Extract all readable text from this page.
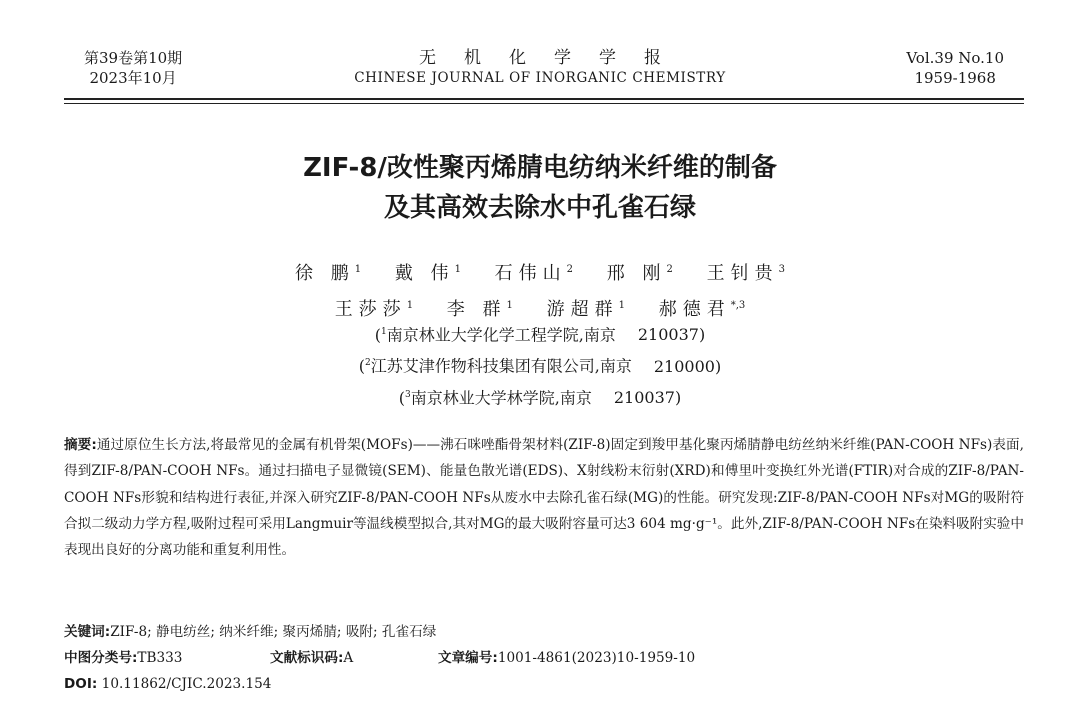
第39卷第10期
2023年10月
无机化学学报
CHINESE JOURNAL OF INORGANIC CHEMISTRY
Vol.39 No.10
1959-1968
ZIF-8/改性聚丙烯腈电纺纳米纤维的制备
及其高效去除水中孔雀石绿
徐 鹏$^1$ 戴 伟$^1$ 石伟山$^2$ 邢 刚$^2$ 王钊贵$^3$
王莎莎$^1$ 李 群$^1$ 游超群$^1$ 郝德君$^{*,3}$
($^1$南京林业大学化学工程学院,南京 210037)
($^2$江苏艾津作物科技集团有限公司,南京 210000)
($^3$南京林业大学林学院,南京 210037)
摘要:通过原位生长方法,将最常见的金属有机骨架(MOFs)——沸石咪唑酯骨架材料(ZIF-8)固定到羧甲基化聚丙烯腈静电纺丝纳米纤维(PAN-COOH NFs)表面,得到ZIF-8/PAN-COOH NFs。通过扫描电子显微镜(SEM)、能量色散光谱(EDS)、X射线粉末衍射(XRD)和傅里叶变换红外光谱(FTIR)对合成的ZIF-8/PAN-COOH NFs形貌和结构进行表征,并深入研究ZIF-8/PAN-COOH NFs从废水中去除孔雀石绿(MG)的性能。研究发现:ZIF-8/PAN-COOH NFs对MG的吸附符合拟二级动力学方程,吸附过程可采用Langmuir等温线模型拟合,其对MG的最大吸附容量可达3 604 mg·g⁻¹。此外,ZIF-8/PAN-COOH NFs在染料吸附实验中表现出良好的分离功能和重复利用性。
关键词:ZIF-8; 静电纺丝; 纳米纤维; 聚丙烯腈; 吸附; 孔雀石绿
中图分类号:TB333	文献标识码:A	文章编号:1001-4861(2023)10-1959-10
DOI: 10.11862/CJIC.2023.154
